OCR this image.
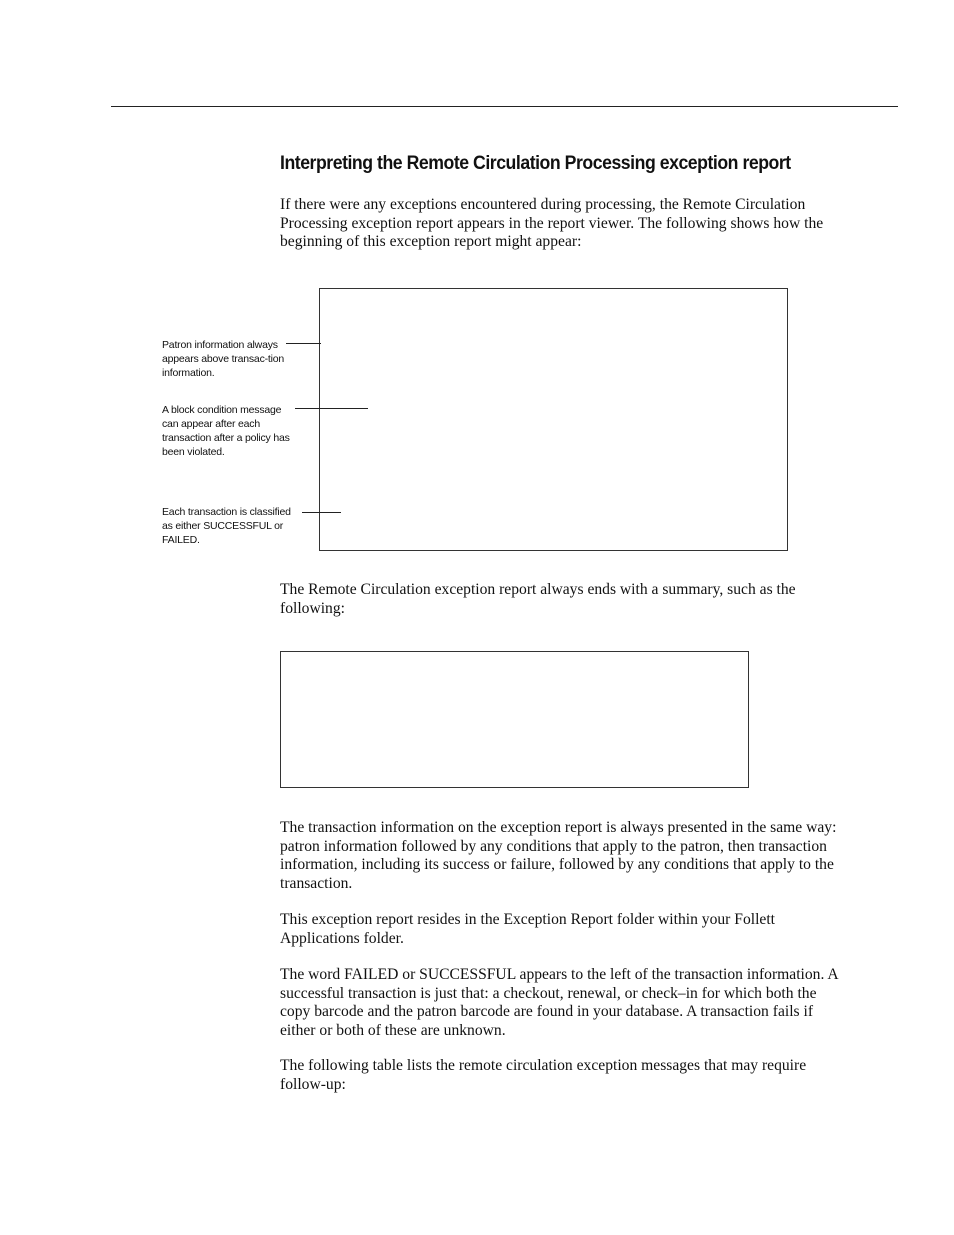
Interpreting the Remote Circulation Processing exception report

If there were any exceptions encountered during processing, the Remote Circulation Processing exception report appears in the report viewer. The following shows how the beginning of this exception report might appear:

Patron information always appears above transac-tion information.

A block condition message can appear after each transaction after a policy has been violated.

Each transaction is classified as either SUCCESSFUL or FAILED.

The Remote Circulation exception report always ends with a summary, such as the following:

The transaction information on the exception report is always presented in the same way: patron information followed by any conditions that apply to the patron, then transaction information, including its success or failure, followed by any conditions that apply to the transaction.

This exception report resides in the Exception Report folder within your Follett Applications folder.

The word FAILED or SUCCESSFUL appears to the left of the transaction information. A successful transaction is just that: a checkout, renewal, or check–in for which both the copy barcode and the patron barcode are found in your database. A transaction fails if either or both of these are unknown.

The following table lists the remote circulation exception messages that may require follow-up:
